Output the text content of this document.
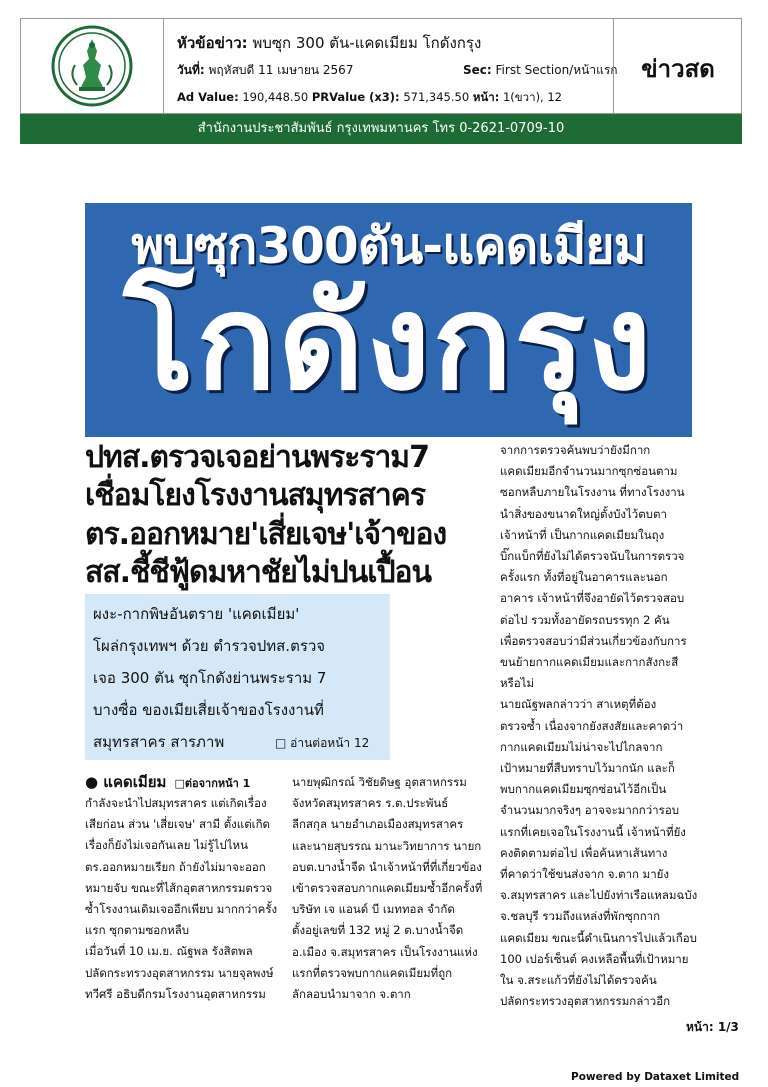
หัวข้อข่าว: พบซุก 300 ตัน-แคดเมียม โกดังกรุง
วันที่: พฤหัสบดี 11 เมษายน 2567	Sec: First Section/หน้าแรก
Ad Value: 190,448.50 PRValue (x3): 571,345.50 หน้า: 1(ขวา), 12
ข่าวสด
สำนักงานประชาสัมพันธ์ กรุงเทพมหานคร โทร 0-2621-0709-10
พบซุก300ตัน-แคดเมียม
โกดังกรุง
ปทส.ตรวจเจอย่านพระราม7
เชื่อมโยงโรงงานสมุทรสาคร
ตร.ออกหมาย'เสี่ยเจษ'เจ้าของ
สส.ชี้ชีฟู้ดมหาชัยไม่ปนเปื้อน
ผงะ-กากพิษอันตราย 'แคดเมียม'
โผล่กรุงเทพฯ ด้วย ตำรวจปทส.ตรวจ
เจอ 300 ตัน ซุกโกดังย่านพระราม 7
บางซื่อ ของเมียเสี่ยเจ้าของโรงงานที่
สมุทรสาคร สารภาพ	□ อ่านต่อหน้า 12
● แคดเมียม □ต่อจากหน้า 1
กำลังจะนำไปสมุทรสาคร แต่เกิดเรื่อง
เสียก่อน ส่วน 'เสี่ยเจษ' สามี ตั้งแต่เกิด
เรื่องก็ยังไม่เจอกันเลย ไม่รู้ไปไหน
ตร.ออกหมายเรียก ถ้ายังไม่มาจะออก
หมายจับ ขณะที่ไส้กอุตสาหกรรมตรวจ
ซ้ำโรงงานเดิมเจออีกเพียบ มากกว่าครั้ง
แรก ซุกตามซอกหลืบ
เมื่อวันที่ 10 เม.ย. ณัฐพล รังสิตพล
ปลัดกระทรวงอุตสาหกรรม นายจุลพงษ์
ทวีศรี อธิบดีกรมโรงงานอุตสาหกรรม
นายพุฒิกรณ์ วิชัยดิษฐ อุตสาหกรรม
จังหวัดสมุทรสาคร ร.ต.ประพันธ์
ลีกสกุล นายอำเภอเมืองสมุทรสาคร
และนายสุบรรณ มานะวิทยาการ นายก
อบต.บางน้ำจืด นำเจ้าหน้าที่ที่เกี่ยวข้อง
เข้าตรวจสอบกากแคดเมียมซ้ำอีกครั้งที่
บริษัท เจ แอนด์ บี เมททอล จำกัด
ตั้งอยู่เลขที่ 132 หมู่ 2 ต.บางน้ำจืด
อ.เมือง จ.สมุทรสาคร เป็นโรงงานแห่ง
แรกที่ตรวจพบกากแคดเมียมที่ถูก
ลักลอบนำมาจาก จ.ตาก
จากการตรวจค้นพบว่ายังมีกาก
แคดเมียมอีกจำนวนมากซุกซ่อนตาม
ซอกหลืบภายในโรงงาน ที่ทางโรงงาน
นำสิ่งของขนาดใหญ่ตั้งบังไว้ตบตา
เจ้าหน้าที่ เป็นกากแคดเมียมในถุง
บิ๊กแบ็กที่ยังไม่ได้ตรวจนับในการตรวจ
ครั้งแรก ทั้งที่อยู่ในอาคารและนอก
อาคาร เจ้าหน้าที่จึงอายัดไว้ตรวจสอบ
ต่อไป รวมทั้งอายัดรถบรรทุก 2 คัน
เพื่อตรวจสอบว่ามีส่วนเกี่ยวข้องกับการ
ขนย้ายกากแคดเมียมและกากสังกะสี
หรือไม่
นายณัฐพลกล่าวว่า สาเหตุที่ต้อง
ตรวจซ้ำ เนื่องจากยังสงสัยและคาดว่า
กากแคดเมียมไม่น่าจะไปไกลจาก
เป้าหมายที่สืบทราบไว้มากนัก และก็
พบกากแคดเมียมซุกซ่อนไว้อีกเป็น
จำนวนมากจริงๆ อาจจะมากกว่ารอบ
แรกที่เคยเจอในโรงงานนี้ เจ้าหน้าที่ยัง
คงติดตามต่อไป เพื่อค้นหาเส้นทาง
ที่คาดว่าใช้ขนส่งจาก จ.ตาก มายัง
จ.สมุทรสาคร และไปยังท่าเรือแหลมฉบัง
จ.ชลบุรี รวมถึงแหล่งที่พักซุกกาก
แคดเมียม ขณะนี้ดำเนินการไปแล้วเกือบ
100 เปอร์เซ็นต์ คงเหลือพื้นที่เป้าหมาย
ใน จ.สระแก้วที่ยังไม่ได้ตรวจค้น
ปลัดกระทรวงอุตสาหกรรมกล่าวอีก
หน้า: 1/3
Powered by Dataxet Limited
